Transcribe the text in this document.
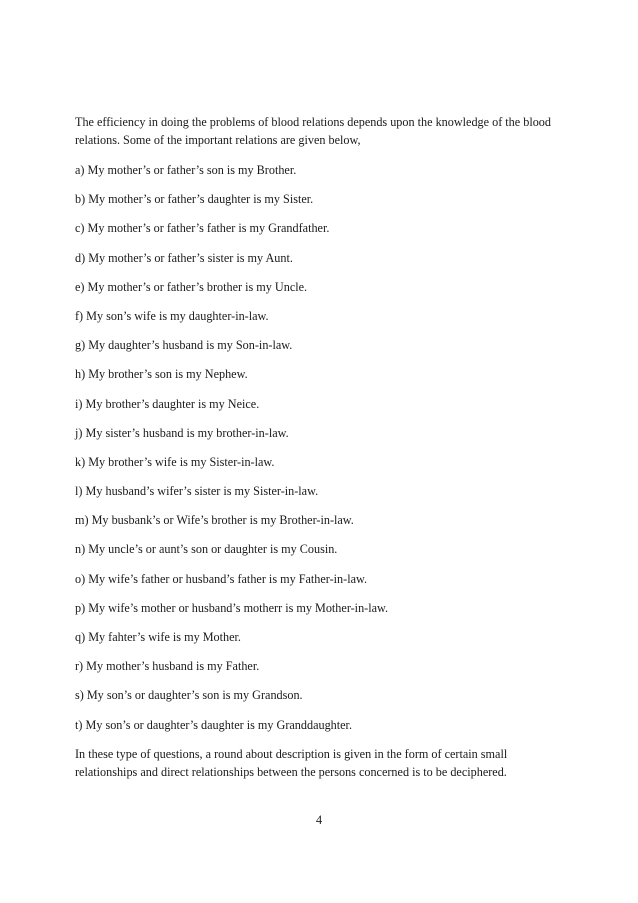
The efficiency in doing the problems of blood relations depends upon the knowledge of the blood relations. Some of the important relations are given below,

a) My mother’s or father’s son is my Brother.
b) My mother’s or father’s daughter is my Sister.
c) My mother’s or father’s father is my Grandfather.
d) My mother’s or father’s sister is my Aunt.
e) My mother’s or father’s brother is my Uncle.
f) My son’s wife is my daughter-in-law.
g) My daughter’s husband is my Son-in-law.
h) My brother’s son is my Nephew.
i) My brother’s daughter is my Neice.
j) My sister’s husband is my brother-in-law.
k) My brother’s wife is my Sister-in-law.
l) My husband’s wifer’s sister is my Sister-in-law.
m) My busbank’s or Wife’s brother is my Brother-in-law.
n) My uncle’s or aunt’s son or daughter is my Cousin.
o) My wife’s father or husband’s father is my Father-in-law.
p) My wife’s mother or husband’s motherr is my Mother-in-law.
q) My fahter’s wife is my Mother.
r) My mother’s husband is my Father.
s) My son’s or daughter’s son is my Grandson.
t) My son’s or daughter’s daughter is my Granddaughter.

In these type of questions, a round about description is given in the form of certain small relationships and direct relationships between the persons concerned is to be deciphered.

4
